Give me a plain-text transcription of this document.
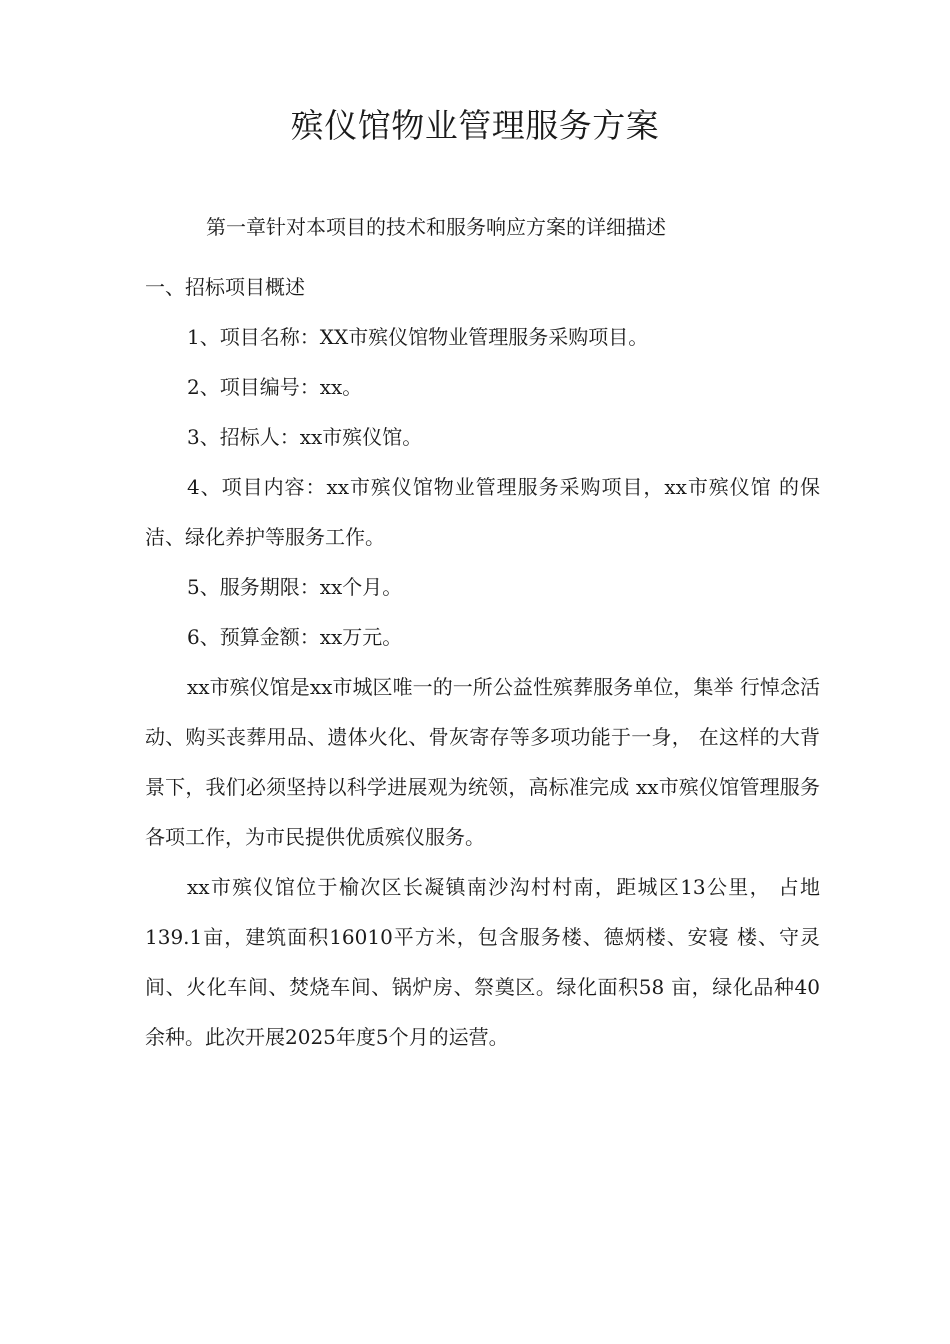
殡仪馆物业管理服务方案
第一章针对本项目的技术和服务响应方案的详细描述

一、招标项目概述

1、项目名称：XX市殡仪馆物业管理服务采购项目。

2、项目编号：xx。

3、招标人：xx市殡仪馆。

4、项目内容：xx市殡仪馆物业管理服务采购项目，xx市殡仪馆 的保洁、绿化养护等服务工作。

5、服务期限：xx个月。

6、预算金额：xx万元。

xx市殡仪馆是xx市城区唯一的一所公益性殡葬服务单位，集举 行悼念活动、购买丧葬用品、遗体火化、骨灰寄存等多项功能于一身， 在这样的大背景下，我们必须坚持以科学进展观为统领，高标准完成 xx市殡仪馆管理服务各项工作，为市民提供优质殡仪服务。

xx市殡仪馆位于榆次区长凝镇南沙沟村村南，距城区13公里， 占地139.1亩，建筑面积16010平方米，包含服务楼、德炳楼、安寝 楼、守灵间、火化车间、焚烧车间、锅炉房、祭奠区。绿化面积58 亩，绿化品种40余种。此次开展2025年度5个月的运营。
